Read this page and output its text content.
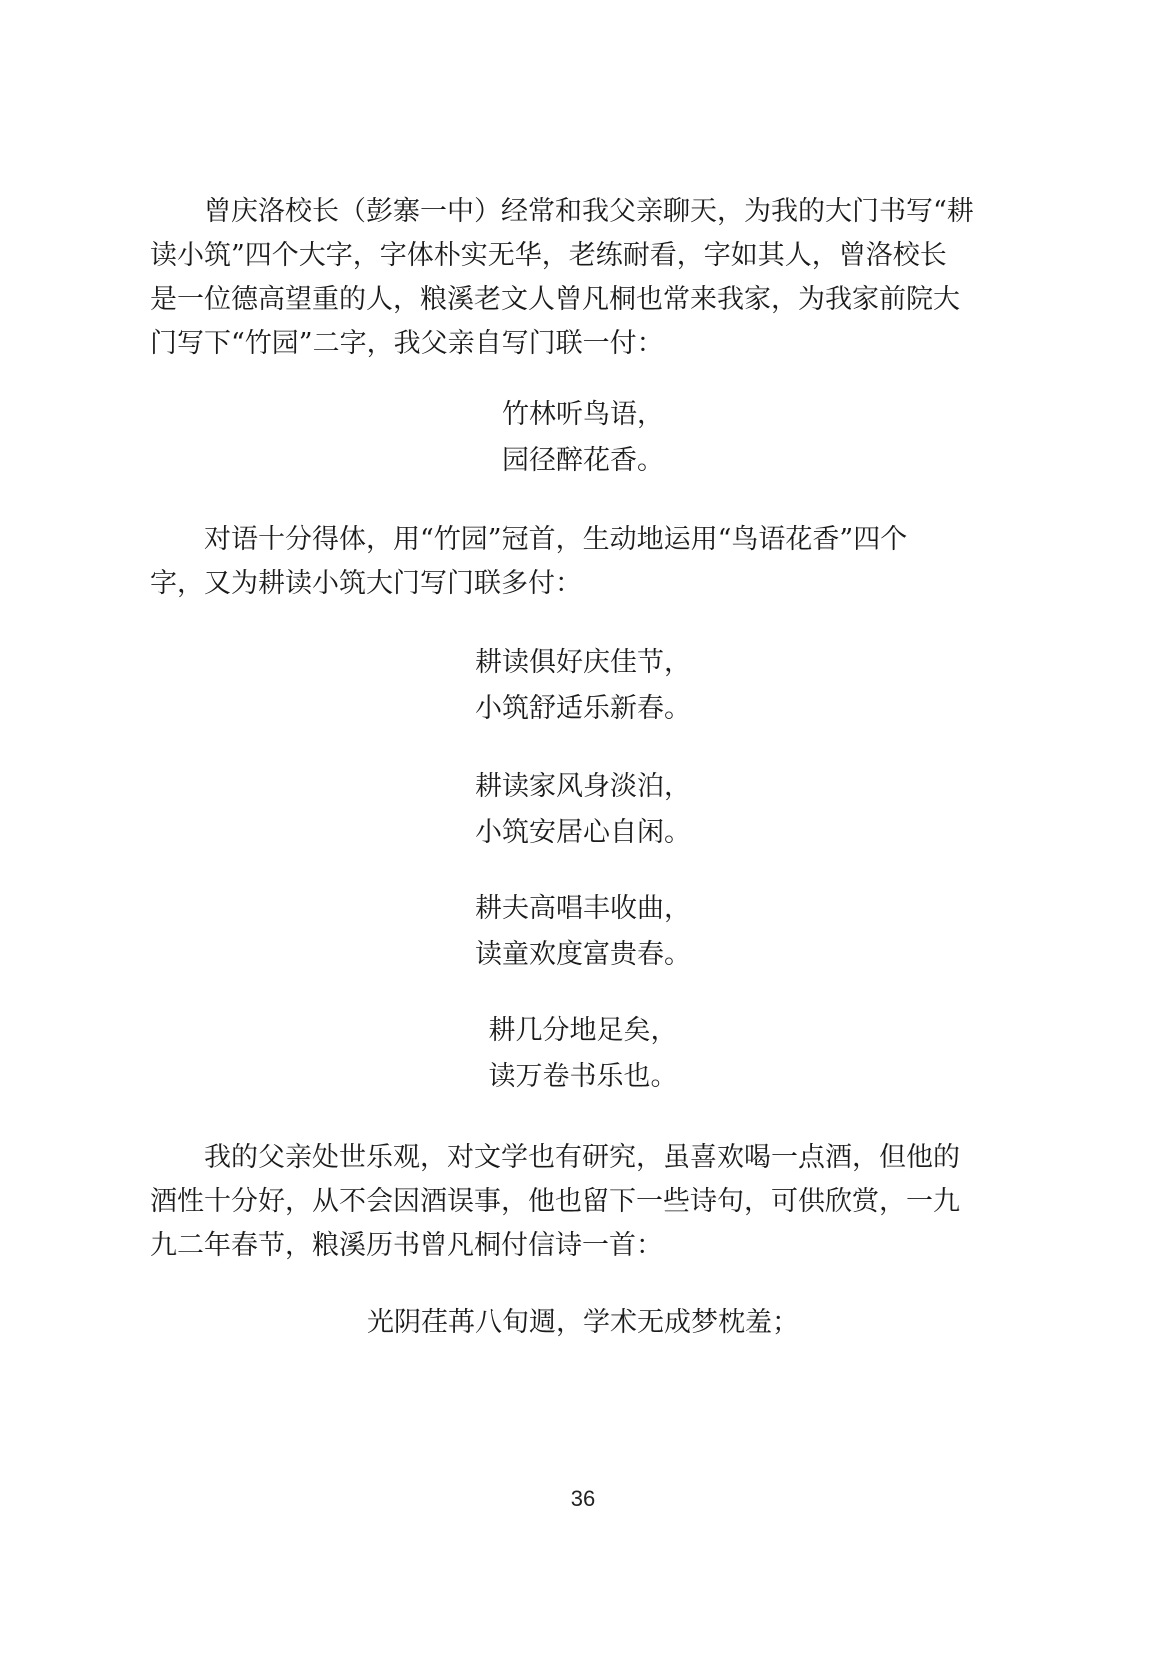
曾庆洛校长（彭寨一中）经常和我父亲聊天，为我的大门书写“耕
读小筑”四个大字，字体朴实无华，老练耐看，字如其人，曾洛校长
是一位德高望重的人，粮溪老文人曾凡桐也常来我家，为我家前院大
门写下“竹园”二字，我父亲自写门联一付：
竹林听鸟语，
园径醉花香。
对语十分得体，用“竹园”冠首，生动地运用“鸟语花香”四个
字，又为耕读小筑大门写门联多付：
耕读俱好庆佳节，
小筑舒适乐新春。
耕读家风身淡泊，
小筑安居心自闲。
耕夫高唱丰收曲，
读童欢度富贵春。
耕几分地足矣，
读万卷书乐也。
我的父亲处世乐观，对文学也有研究，虽喜欢喝一点酒，但他的
酒性十分好，从不会因酒误事，他也留下一些诗句，可供欣赏，一九
九二年春节，粮溪历书曾凡桐付信诗一首：
光阴荏苒八旬週，学术无成梦枕羞；
36
